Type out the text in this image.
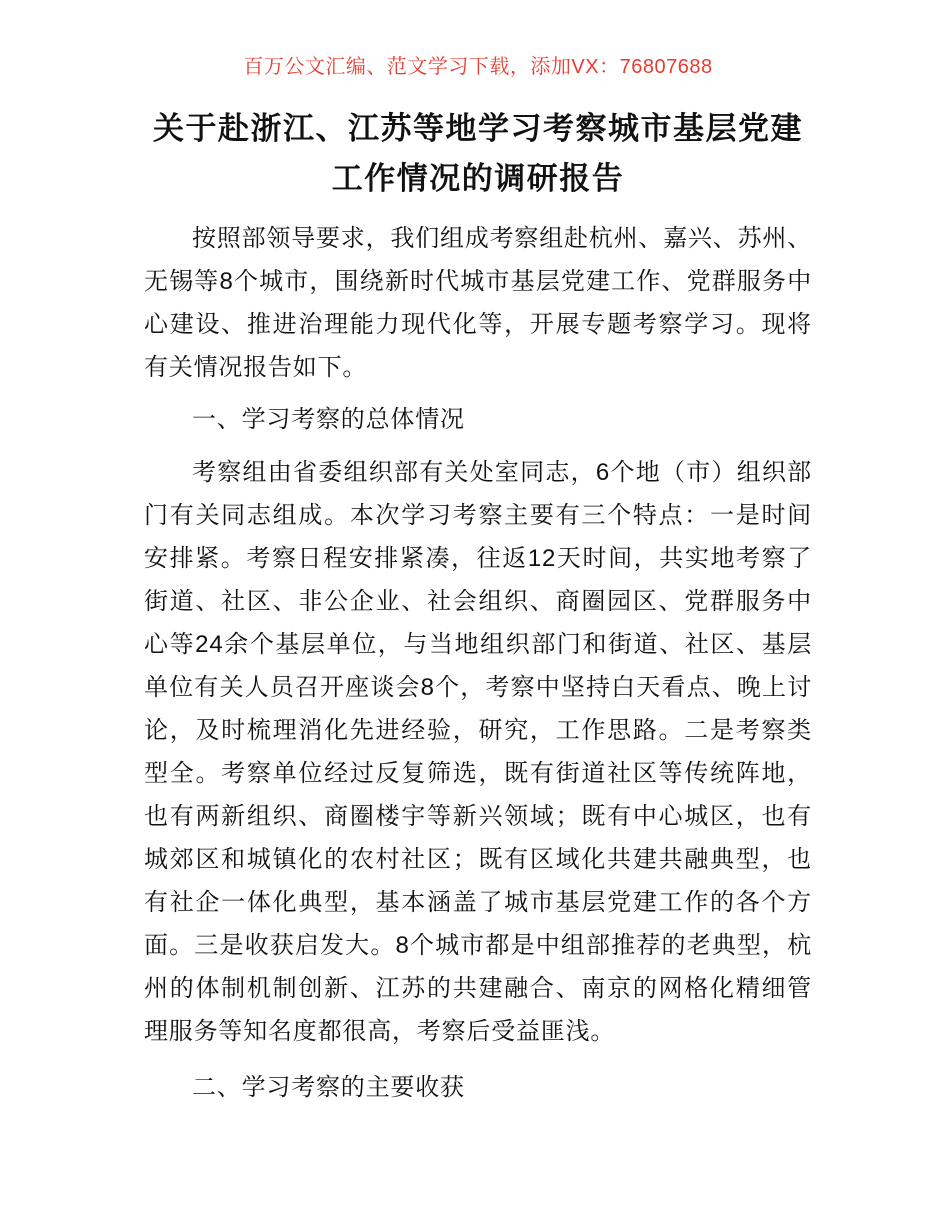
百万公文汇编、范文学习下载，添加VX：76807688
关于赴浙江、江苏等地学习考察城市基层党建
工作情况的调研报告

按照部领导要求，我们组成考察组赴杭州、嘉兴、苏州、无锡等8个城市，围绕新时代城市基层党建工作、党群服务中心建设、推进治理能力现代化等，开展专题考察学习。现将有关情况报告如下。

一、学习考察的总体情况

考察组由省委组织部有关处室同志，6个地（市）组织部门有关同志组成。本次学习考察主要有三个特点：一是时间安排紧。考察日程安排紧凑，往返12天时间，共实地考察了街道、社区、非公企业、社会组织、商圈园区、党群服务中心等24余个基层单位，与当地组织部门和街道、社区、基层单位有关人员召开座谈会8个，考察中坚持白天看点、晚上讨论，及时梳理消化先进经验，研究，工作思路。二是考察类型全。考察单位经过反复筛选，既有街道社区等传统阵地，也有两新组织、商圈楼宇等新兴领域；既有中心城区，也有城郊区和城镇化的农村社区；既有区域化共建共融典型，也有社企一体化典型，基本涵盖了城市基层党建工作的各个方面。三是收获启发大。8个城市都是中组部推荐的老典型，杭州的体制机制创新、江苏的共建融合、南京的网格化精细管理服务等知名度都很高，考察后受益匪浅。

二、学习考察的主要收获
